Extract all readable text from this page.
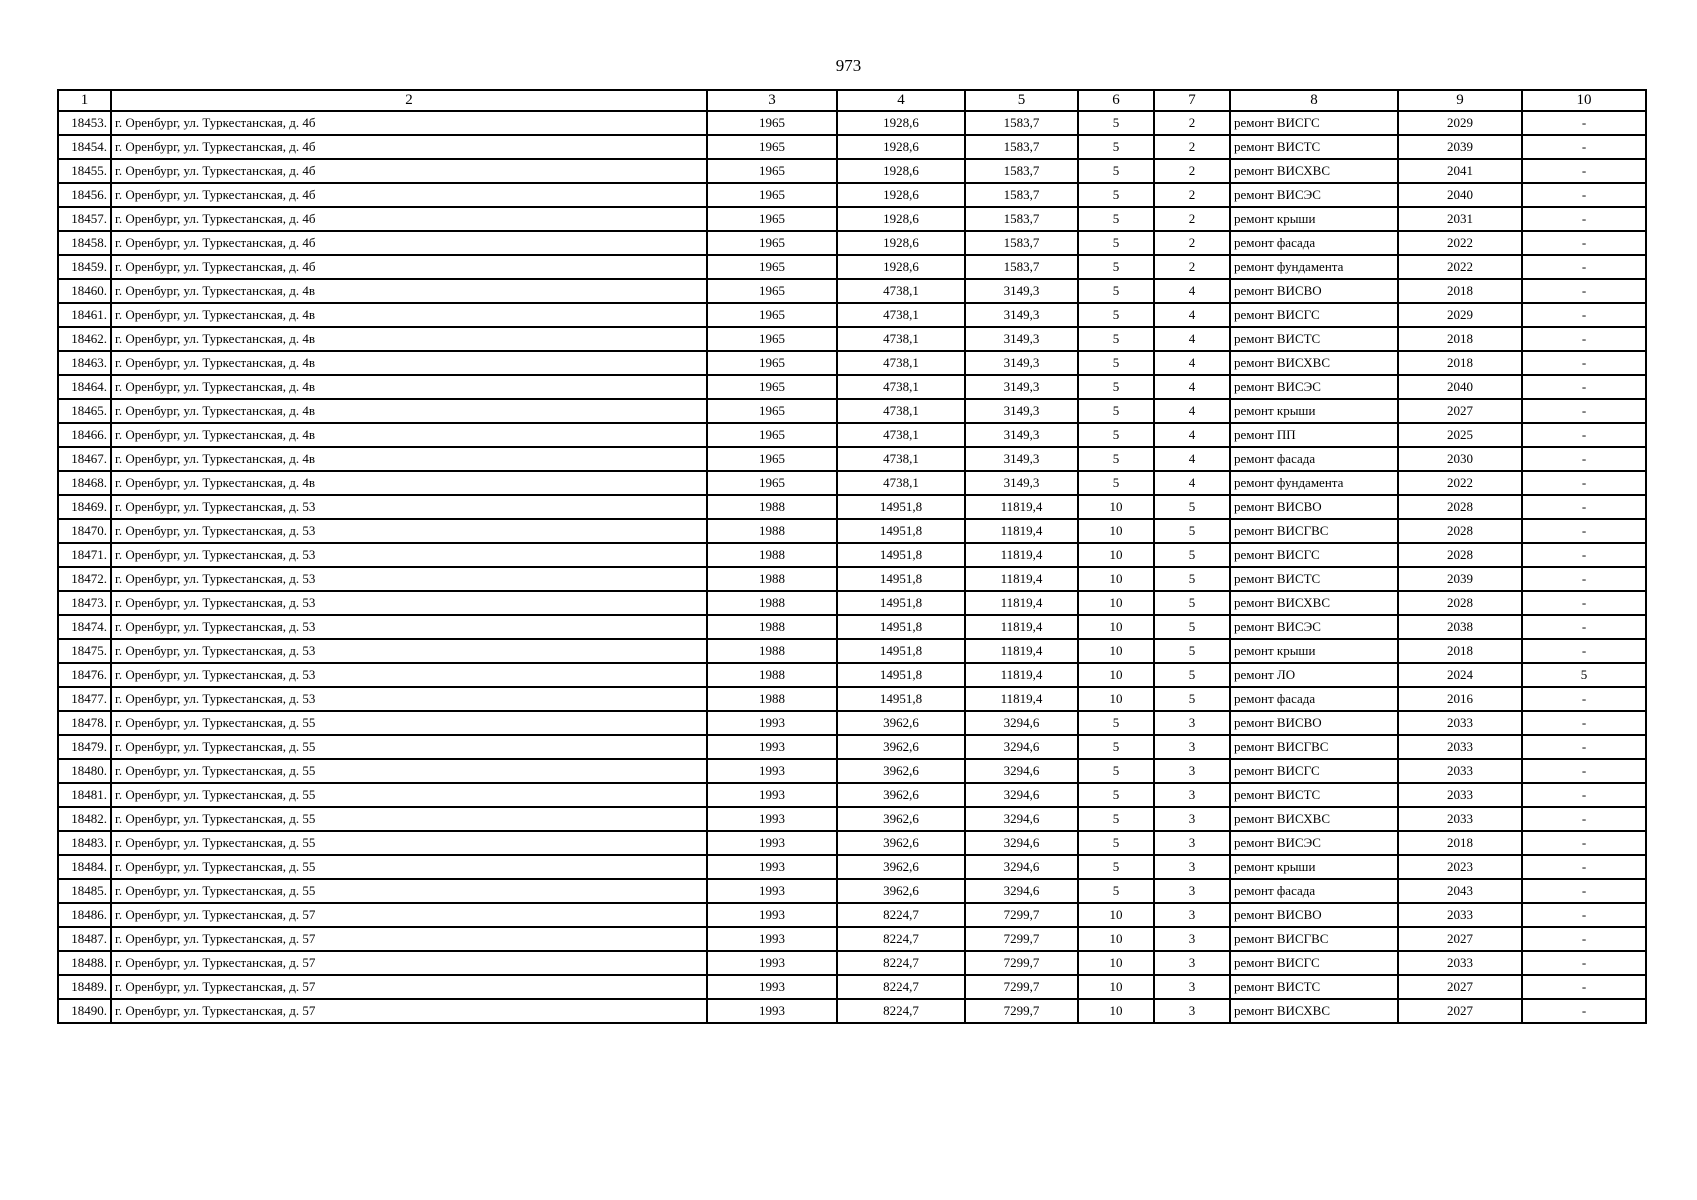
973
1	2	3	4	5	6	7	8	9	10
18453.	г. Оренбург, ул. Туркестанская, д. 4б	1965	1928,6	1583,7	5	2	ремонт ВИСГС	2029	-
18454.	г. Оренбург, ул. Туркестанская, д. 4б	1965	1928,6	1583,7	5	2	ремонт ВИСТС	2039	-
18455.	г. Оренбург, ул. Туркестанская, д. 4б	1965	1928,6	1583,7	5	2	ремонт ВИСХВС	2041	-
18456.	г. Оренбург, ул. Туркестанская, д. 4б	1965	1928,6	1583,7	5	2	ремонт ВИСЭС	2040	-
18457.	г. Оренбург, ул. Туркестанская, д. 4б	1965	1928,6	1583,7	5	2	ремонт крыши	2031	-
18458.	г. Оренбург, ул. Туркестанская, д. 4б	1965	1928,6	1583,7	5	2	ремонт фасада	2022	-
18459.	г. Оренбург, ул. Туркестанская, д. 4б	1965	1928,6	1583,7	5	2	ремонт фундамента	2022	-
18460.	г. Оренбург, ул. Туркестанская, д. 4в	1965	4738,1	3149,3	5	4	ремонт ВИСВО	2018	-
18461.	г. Оренбург, ул. Туркестанская, д. 4в	1965	4738,1	3149,3	5	4	ремонт ВИСГС	2029	-
18462.	г. Оренбург, ул. Туркестанская, д. 4в	1965	4738,1	3149,3	5	4	ремонт ВИСТС	2018	-
18463.	г. Оренбург, ул. Туркестанская, д. 4в	1965	4738,1	3149,3	5	4	ремонт ВИСХВС	2018	-
18464.	г. Оренбург, ул. Туркестанская, д. 4в	1965	4738,1	3149,3	5	4	ремонт ВИСЭС	2040	-
18465.	г. Оренбург, ул. Туркестанская, д. 4в	1965	4738,1	3149,3	5	4	ремонт крыши	2027	-
18466.	г. Оренбург, ул. Туркестанская, д. 4в	1965	4738,1	3149,3	5	4	ремонт ПП	2025	-
18467.	г. Оренбург, ул. Туркестанская, д. 4в	1965	4738,1	3149,3	5	4	ремонт фасада	2030	-
18468.	г. Оренбург, ул. Туркестанская, д. 4в	1965	4738,1	3149,3	5	4	ремонт фундамента	2022	-
18469.	г. Оренбург, ул. Туркестанская, д. 53	1988	14951,8	11819,4	10	5	ремонт ВИСВО	2028	-
18470.	г. Оренбург, ул. Туркестанская, д. 53	1988	14951,8	11819,4	10	5	ремонт ВИСГВС	2028	-
18471.	г. Оренбург, ул. Туркестанская, д. 53	1988	14951,8	11819,4	10	5	ремонт ВИСГС	2028	-
18472.	г. Оренбург, ул. Туркестанская, д. 53	1988	14951,8	11819,4	10	5	ремонт ВИСТС	2039	-
18473.	г. Оренбург, ул. Туркестанская, д. 53	1988	14951,8	11819,4	10	5	ремонт ВИСХВС	2028	-
18474.	г. Оренбург, ул. Туркестанская, д. 53	1988	14951,8	11819,4	10	5	ремонт ВИСЭС	2038	-
18475.	г. Оренбург, ул. Туркестанская, д. 53	1988	14951,8	11819,4	10	5	ремонт крыши	2018	-
18476.	г. Оренбург, ул. Туркестанская, д. 53	1988	14951,8	11819,4	10	5	ремонт ЛО	2024	5
18477.	г. Оренбург, ул. Туркестанская, д. 53	1988	14951,8	11819,4	10	5	ремонт фасада	2016	-
18478.	г. Оренбург, ул. Туркестанская, д. 55	1993	3962,6	3294,6	5	3	ремонт ВИСВО	2033	-
18479.	г. Оренбург, ул. Туркестанская, д. 55	1993	3962,6	3294,6	5	3	ремонт ВИСГВС	2033	-
18480.	г. Оренбург, ул. Туркестанская, д. 55	1993	3962,6	3294,6	5	3	ремонт ВИСГС	2033	-
18481.	г. Оренбург, ул. Туркестанская, д. 55	1993	3962,6	3294,6	5	3	ремонт ВИСТС	2033	-
18482.	г. Оренбург, ул. Туркестанская, д. 55	1993	3962,6	3294,6	5	3	ремонт ВИСХВС	2033	-
18483.	г. Оренбург, ул. Туркестанская, д. 55	1993	3962,6	3294,6	5	3	ремонт ВИСЭС	2018	-
18484.	г. Оренбург, ул. Туркестанская, д. 55	1993	3962,6	3294,6	5	3	ремонт крыши	2023	-
18485.	г. Оренбург, ул. Туркестанская, д. 55	1993	3962,6	3294,6	5	3	ремонт фасада	2043	-
18486.	г. Оренбург, ул. Туркестанская, д. 57	1993	8224,7	7299,7	10	3	ремонт ВИСВО	2033	-
18487.	г. Оренбург, ул. Туркестанская, д. 57	1993	8224,7	7299,7	10	3	ремонт ВИСГВС	2027	-
18488.	г. Оренбург, ул. Туркестанская, д. 57	1993	8224,7	7299,7	10	3	ремонт ВИСГС	2033	-
18489.	г. Оренбург, ул. Туркестанская, д. 57	1993	8224,7	7299,7	10	3	ремонт ВИСТС	2027	-
18490.	г. Оренбург, ул. Туркестанская, д. 57	1993	8224,7	7299,7	10	3	ремонт ВИСХВС	2027	-
